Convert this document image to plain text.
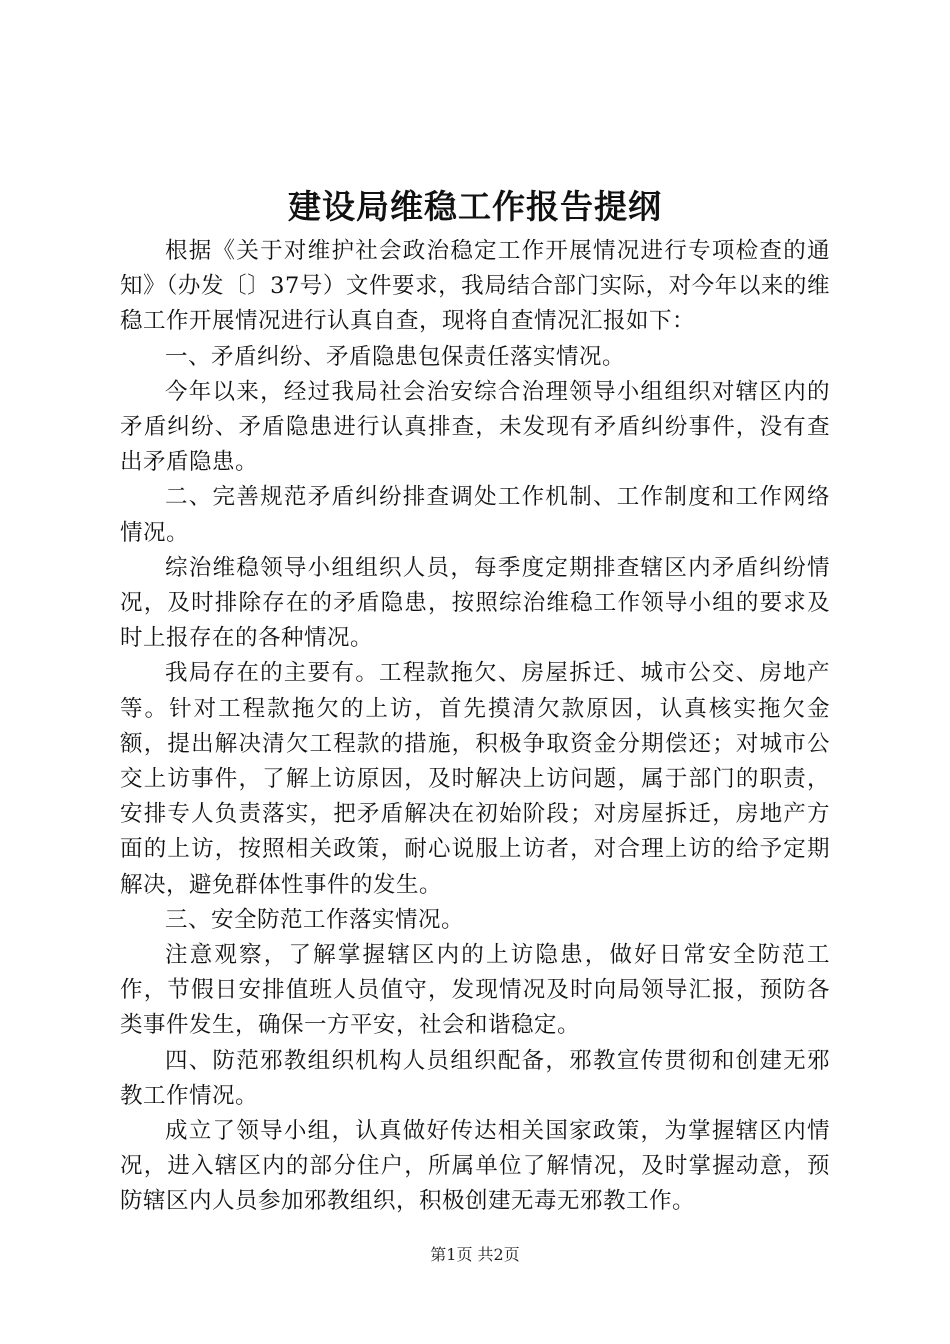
建设局维稳工作报告提纲

根据《关于对维护社会政治稳定工作开展情况进行专项检查的通知》（办发〔〕37号）文件要求，我局结合部门实际，对今年以来的维稳工作开展情况进行认真自查，现将自查情况汇报如下：

一、矛盾纠纷、矛盾隐患包保责任落实情况。

今年以来，经过我局社会治安综合治理领导小组组织对辖区内的矛盾纠纷、矛盾隐患进行认真排查，未发现有矛盾纠纷事件，没有查出矛盾隐患。

二、完善规范矛盾纠纷排查调处工作机制、工作制度和工作网络情况。

综治维稳领导小组组织人员，每季度定期排查辖区内矛盾纠纷情况，及时排除存在的矛盾隐患，按照综治维稳工作领导小组的要求及时上报存在的各种情况。

我局存在的主要有。工程款拖欠、房屋拆迁、城市公交、房地产等。针对工程款拖欠的上访，首先摸清欠款原因，认真核实拖欠金额，提出解决清欠工程款的措施，积极争取资金分期偿还；对城市公交上访事件，了解上访原因，及时解决上访问题，属于部门的职责，安排专人负责落实，把矛盾解决在初始阶段；对房屋拆迁，房地产方面的上访，按照相关政策，耐心说服上访者，对合理上访的给予定期解决，避免群体性事件的发生。

三、安全防范工作落实情况。

注意观察，了解掌握辖区内的上访隐患，做好日常安全防范工作，节假日安排值班人员值守，发现情况及时向局领导汇报，预防各类事件发生，确保一方平安，社会和谐稳定。

四、防范邪教组织机构人员组织配备，邪教宣传贯彻和创建无邪教工作情况。

成立了领导小组，认真做好传达相关国家政策，为掌握辖区内情况，进入辖区内的部分住户，所属单位了解情况，及时掌握动意，预防辖区内人员参加邪教组织，积极创建无毒无邪教工作。

第1页 共2页
